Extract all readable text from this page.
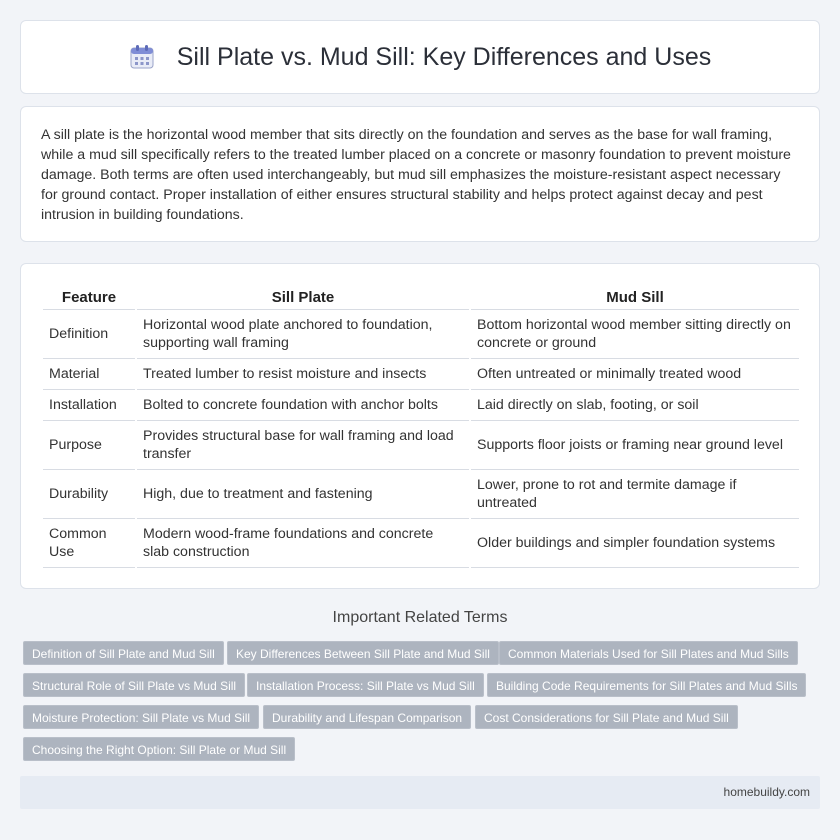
Sill Plate vs. Mud Sill: Key Differences and Uses

A sill plate is the horizontal wood member that sits directly on the foundation and serves as the base for wall framing, while a mud sill specifically refers to the treated lumber placed on a concrete or masonry foundation to prevent moisture damage. Both terms are often used interchangeably, but mud sill emphasizes the moisture-resistant aspect necessary for ground contact. Proper installation of either ensures structural stability and helps protect against decay and pest intrusion in building foundations.

Feature	Sill Plate	Mud Sill
Definition	Horizontal wood plate anchored to foundation, supporting wall framing	Bottom horizontal wood member sitting directly on concrete or ground
Material	Treated lumber to resist moisture and insects	Often untreated or minimally treated wood
Installation	Bolted to concrete foundation with anchor bolts	Laid directly on slab, footing, or soil
Purpose	Provides structural base for wall framing and load transfer	Supports floor joists or framing near ground level
Durability	High, due to treatment and fastening	Lower, prone to rot and termite damage if untreated
Common Use	Modern wood-frame foundations and concrete slab construction	Older buildings and simpler foundation systems
Important Related Terms
Definition of Sill Plate and Mud Sill	Key Differences Between Sill Plate and Mud Sill	Common Materials Used for Sill Plates and Mud Sills
Structural Role of Sill Plate vs Mud Sill	Installation Process: Sill Plate vs Mud Sill	Building Code Requirements for Sill Plates and Mud Sills
Moisture Protection: Sill Plate vs Mud Sill	Durability and Lifespan Comparison	Cost Considerations for Sill Plate and Mud Sill
Choosing the Right Option: Sill Plate or Mud Sill
homebuildy.com
